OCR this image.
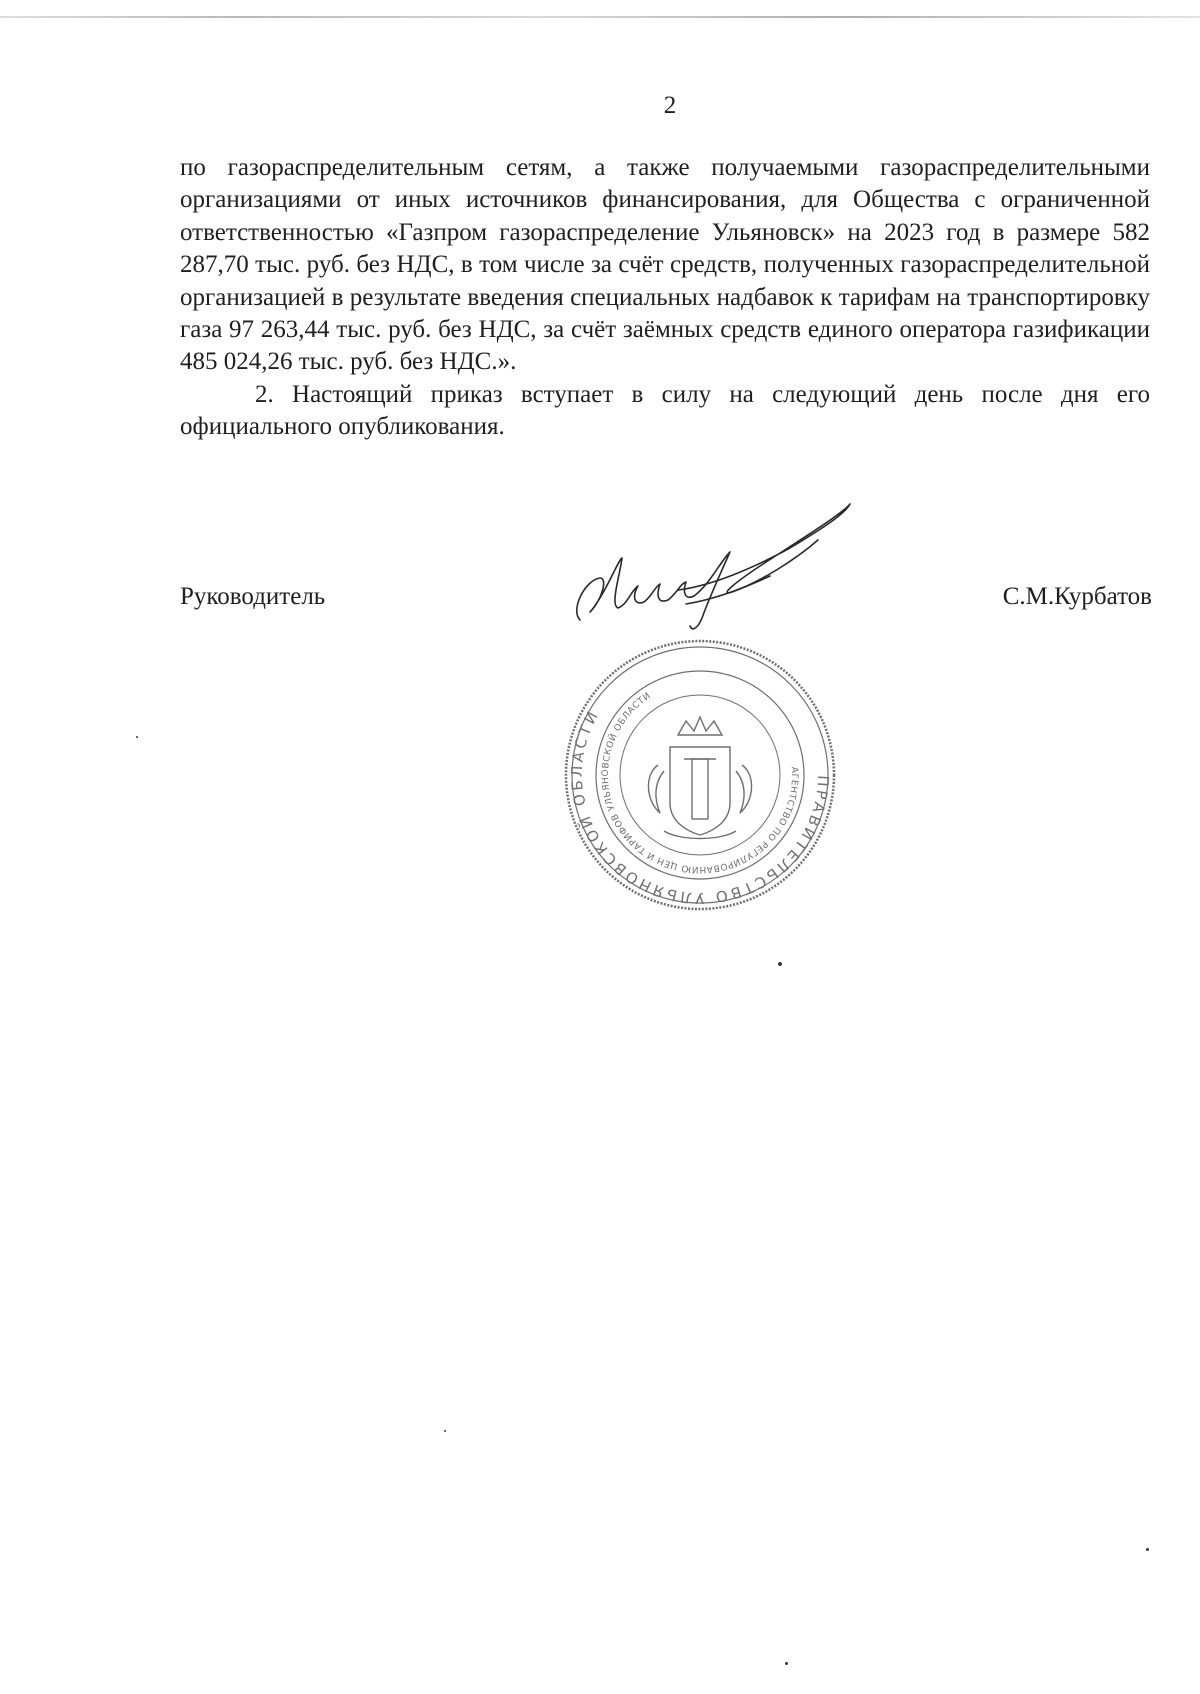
2

по газораспределительным сетям, а также получаемыми газораспределительными организациями от иных источников финансирования, для Общества с ограниченной ответственностью «Газпром газораспределение Ульяновск» на 2023 год в размере 582 287,70 тыс. руб. без НДС, в том числе за счёт средств, полученных газораспределительной организацией в результате введения специальных надбавок к тарифам на транспортировку газа 97 263,44 тыс. руб. без НДС, за счёт заёмных средств единого оператора газификации 485 024,26 тыс. руб. без НДС.».

2. Настоящий приказ вступает в силу на следующий день после дня его официального опубликования.

Руководитель	С.М.Курбатов
ПРАВИТЕЛЬСТВО УЛЬЯНОВСКОЙ ОБЛАСТИ
АГЕНТСТВО ПО РЕГУЛИРОВАНИЮ ЦЕН И ТАРИФОВ УЛЬЯНОВСКОЙ ОБЛАСТИ
